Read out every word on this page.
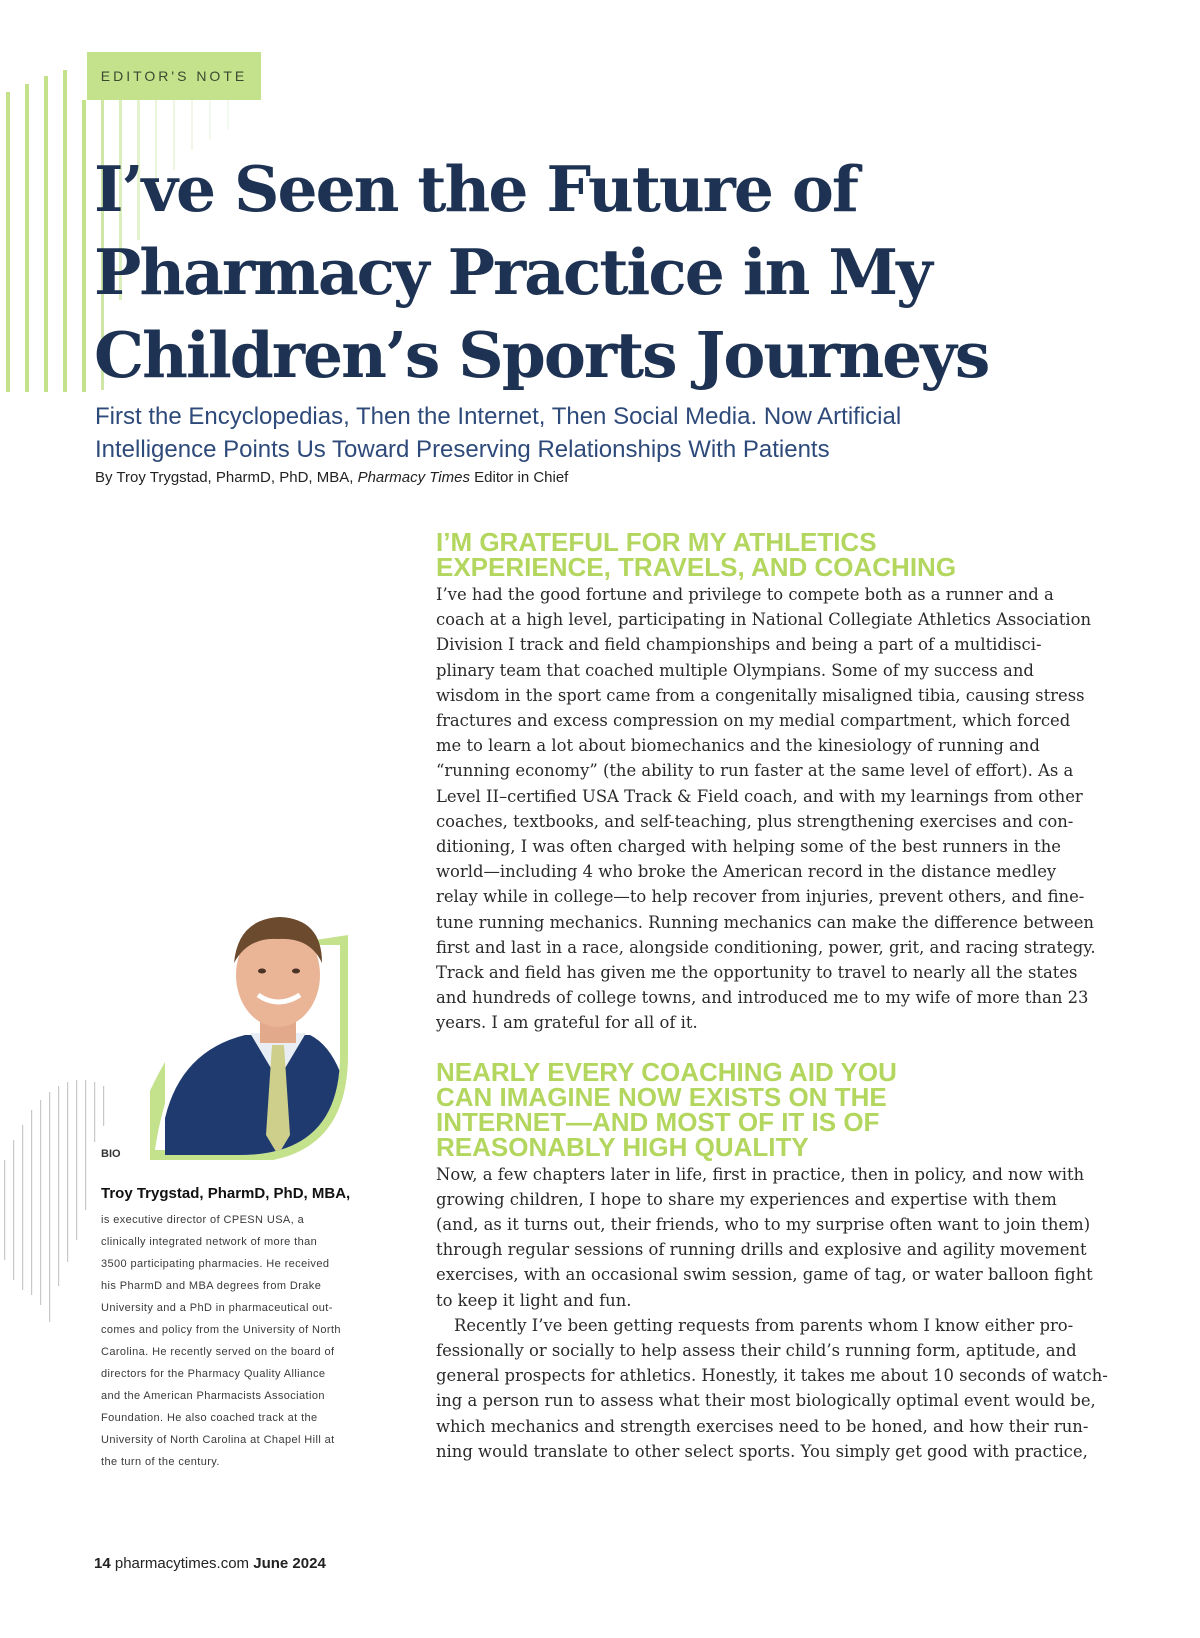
EDITOR'S NOTE
I’ve Seen the Future of
Pharmacy Practice in My
Children’s Sports Journeys
First the Encyclopedias, Then the Internet, Then Social Media. Now Artificial
Intelligence Points Us Toward Preserving Relationships With Patients
By Troy Trygstad, PharmD, PhD, MBA, Pharmacy Times Editor in Chief
BIO
Troy Trygstad, PharmD, PhD, MBA,
is executive director of CPESN USA, a
clinically integrated network of more than
3500 participating pharmacies. He received
his PharmD and MBA degrees from Drake
University and a PhD in pharmaceutical out-
comes and policy from the University of North
Carolina. He recently served on the board of
directors for the Pharmacy Quality Alliance
and the American Pharmacists Association
Foundation. He also coached track at the
University of North Carolina at Chapel Hill at
the turn of the century.
I’M GRATEFUL FOR MY ATHLETICS
EXPERIENCE, TRAVELS, AND COACHING

I’ve had the good fortune and privilege to compete both as a runner and a
coach at a high level, participating in National Collegiate Athletics Association
Division I track and field championships and being a part of a multidisci-
plinary team that coached multiple Olympians. Some of my success and
wisdom in the sport came from a congenitally misaligned tibia, causing stress
fractures and excess compression on my medial compartment, which forced
me to learn a lot about biomechanics and the kinesiology of running and
“running economy” (the ability to run faster at the same level of effort). As a
Level II–certified USA Track & Field coach, and with my learnings from other
coaches, textbooks, and self-teaching, plus strengthening exercises and con-
ditioning, I was often charged with helping some of the best runners in the
world—including 4 who broke the American record in the distance medley
relay while in college—to help recover from injuries, prevent others, and fine-
tune running mechanics. Running mechanics can make the difference between
first and last in a race, alongside conditioning, power, grit, and racing strategy.
Track and field has given me the opportunity to travel to nearly all the states
and hundreds of college towns, and introduced me to my wife of more than 23
years. I am grateful for all of it.

NEARLY EVERY COACHING AID YOU
CAN IMAGINE NOW EXISTS ON THE
INTERNET—AND MOST OF IT IS OF
REASONABLY HIGH QUALITY

Now, a few chapters later in life, first in practice, then in policy, and now with
growing children, I hope to share my experiences and expertise with them
(and, as it turns out, their friends, who to my surprise often want to join them)
through regular sessions of running drills and explosive and agility movement
exercises, with an occasional swim session, game of tag, or water balloon fight
to keep it light and fun.

Recently I’ve been getting requests from parents whom I know either pro-
fessionally or socially to help assess their child’s running form, aptitude, and
general prospects for athletics. Honestly, it takes me about 10 seconds of watch-
ing a person run to assess what their most biologically optimal event would be,
which mechanics and strength exercises need to be honed, and how their run-
ning would translate to other select sports. You simply get good with practice,

14 pharmacytimes.com June 2024
